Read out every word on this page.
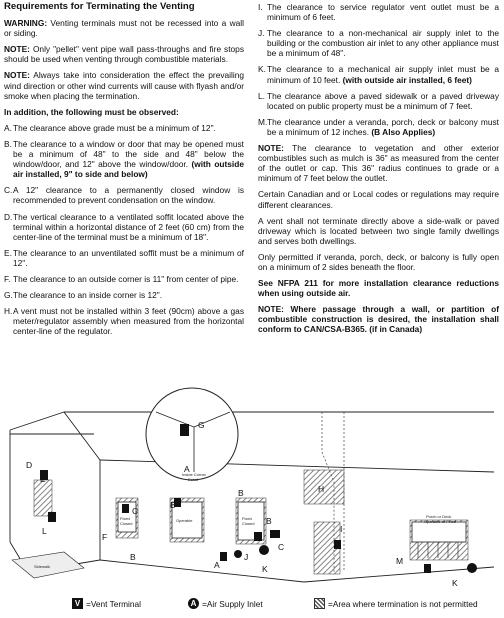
Requirements for Terminating the Venting

WARNING: Venting terminals must not be recessed into a wall or siding.

NOTE: Only "pellet" vent pipe wall pass-throughs and fire stops should be used when venting through combustible materials.

NOTE: Always take into consideration the effect the prevailing wind direction or other wind currents will cause with flyash and/or smoke when placing the termination.

In addition, the following must be observed:

A. The clearance above grade must be a minimum of 12".
B. The clearance to a window or door that may be opened must be a minimum of 48" to the side and 48" below the window/door, and 12" above the window/door. (with outside air installed, 9" to side and below)
C. A 12" clearance to a permanently closed window is recommended to prevent condensation on the window.
D. The vertical clearance to a ventilated soffit located above the terminal within a horizontal distance of 2 feet (60 cm) from the center-line of the terminal must be a minimum of 18".
E. The clearance to an unventilated soffit must be a minimum of 12".
F. The clearance to an outside corner is 11" from center of pipe.
G. The clearance to an inside corner is 12".
H. A vent must not be installed within 3 feet (90cm) above a gas meter/regulator assembly when measured from the horizontal center-line of the regulator.
I. The clearance to service regulator vent outlet must be a minimum of 6 feet.
J. The clearance to a non-mechanical air supply inlet to the building or the combustion air inlet to any other appliance must be a minimum of 48".
K. The clearance to a mechanical air supply inlet must be a minimum of 10 feet. (with outside air installed, 6 feet)
L. The clearance above a paved sidewalk or a paved driveway located on public property must be a minimum of 7 feet.
M. The clearance under a veranda, porch, deck or balcony must be a minimum of 12 inches. (B Also Applies)

NOTE: The clearance to vegetation and other exterior combustibles such as mulch is 36" as measured from the center of the outlet or cap. This 36" radius continues to grade or a minimum of 7 feet below the outlet.

Certain Canadian and or Local codes or regulations may require different clearances.

A vent shall not terminate directly above a side-walk or paved driveway which is located between two single family dwellings and serves both dwellings.

Only permitted if veranda, porch, deck, or balcony is fully open on a minimum of 2 sides beneath the floor.

See NFPA 211 for more installation clearance reductions when using outside air.

NOTE: Where passage through a wall, or partition of combustible construction is desired, the installation shall conform to CAN/CSA-B365. (if in Canada)

A
A
B
B
B
B
C
C
D
E
F
G
H
I
J
K
K
L
M
Fixed
Closed
Fixed
Closed
Operable
Inside Corner
Detail
Sidewalk
Porch or Deck
Operable or Fixed
V =Vent Terminal	A =Air Supply Inlet	=Area where termination is not permitted
